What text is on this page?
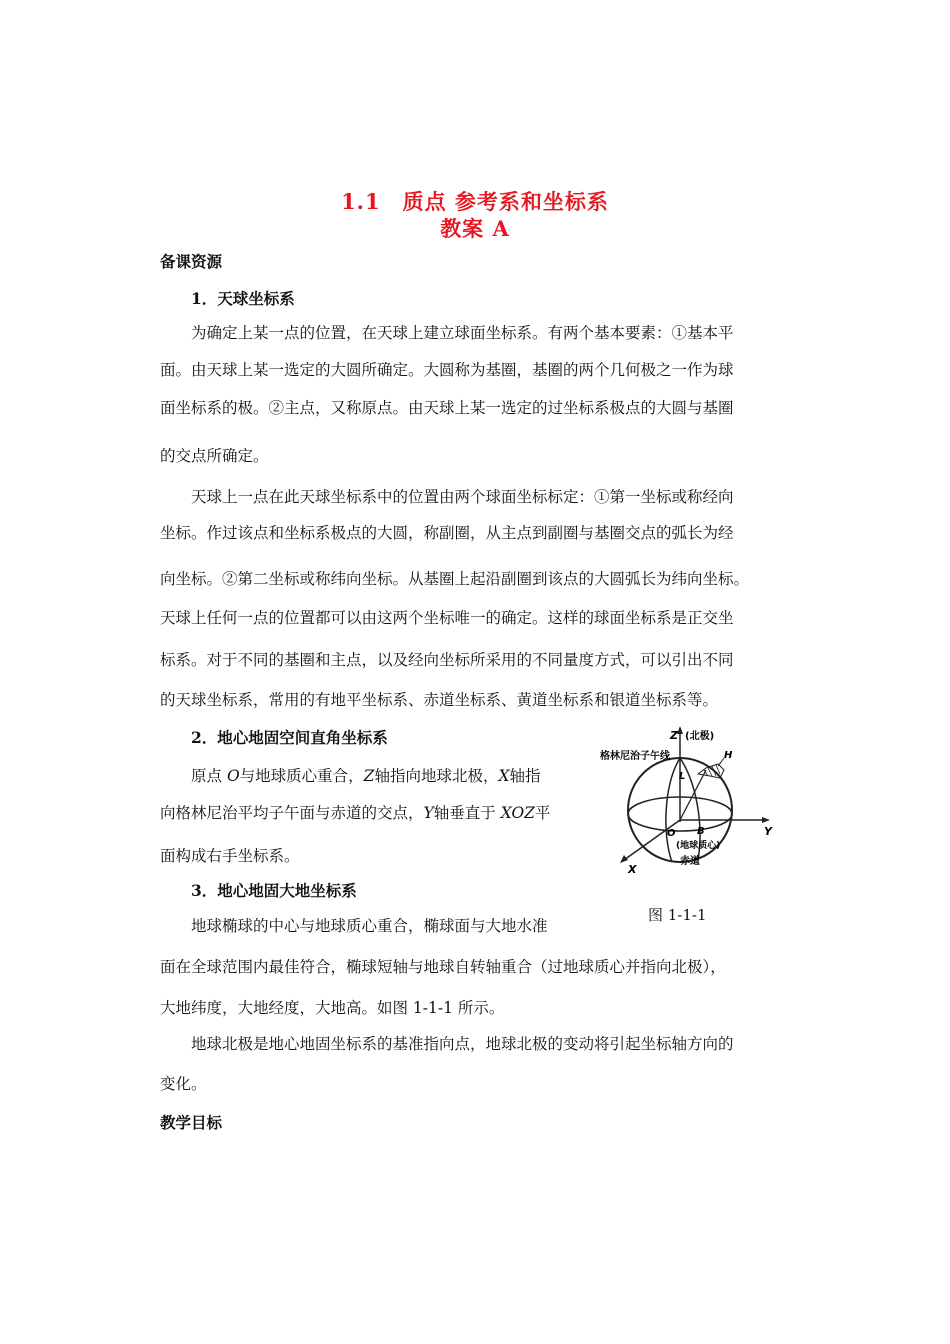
1.1　质点 参考系和坐标系
教案 A
备课资源
1．天球坐标系
为确定上某一点的位置，在天球上建立球面坐标系。有两个基本要素：①基本平
面。由天球上某一选定的大圆所确定。大圆称为基圈，基圈的两个几何极之一作为球
面坐标系的极。②主点，又称原点。由天球上某一选定的过坐标系极点的大圆与基圈
的交点所确定。
天球上一点在此天球坐标系中的位置由两个球面坐标标定：①第一坐标或称经向
坐标。作过该点和坐标系极点的大圆，称副圈，从主点到副圈与基圈交点的弧长为经
向坐标。②第二坐标或称纬向坐标。从基圈上起沿副圈到该点的大圆弧长为纬向坐标。
天球上任何一点的位置都可以由这两个坐标唯一的确定。这样的球面坐标系是正交坐
标系。对于不同的基圈和主点，以及经向坐标所采用的不同量度方式，可以引出不同
的天球坐标系，常用的有地平坐标系、赤道坐标系、黄道坐标系和银道坐标系等。
2．地心地固空间直角坐标系
原点 O与地球质心重合，Z轴指向地球北极，X轴指
向格林尼治平均子午面与赤道的交点，Y轴垂直于 XOZ平
面构成右手坐标系。
3．地心地固大地坐标系
地球椭球的中心与地球质心重合，椭球面与大地水准
面在全球范围内最佳符合，椭球短轴与地球自转轴重合（过地球质心并指向北极），
大地纬度，大地经度，大地高。如图 1-1-1 所示。
地球北极是地心地固坐标系的基准指向点，地球北极的变动将引起坐标轴方向的
变化。
教学目标
Z (北极)
格林尼治子午线	H
L
O B
(地球质心)
赤道
Y
X
图 1-1-1
